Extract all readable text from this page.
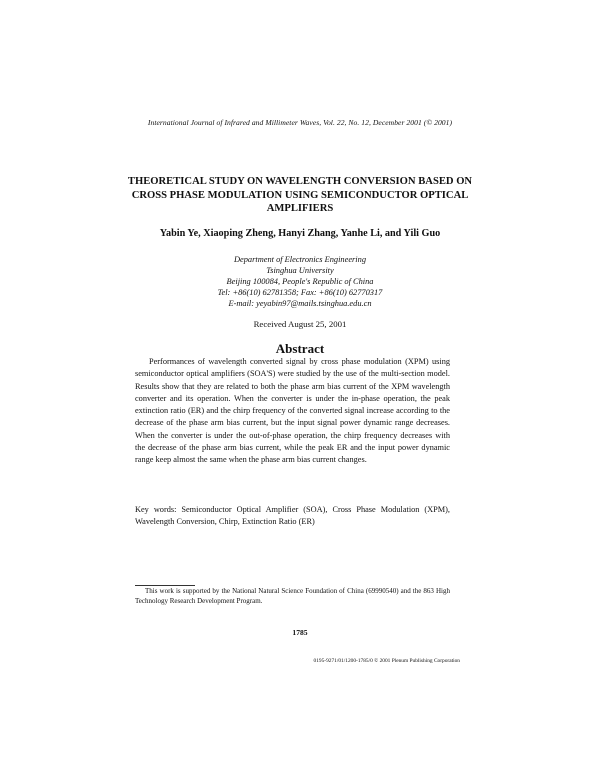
International Journal of Infrared and Millimeter Waves, Vol. 22, No. 12, December 2001 (© 2001)
THEORETICAL STUDY ON WAVELENGTH CONVERSION BASED ON CROSS PHASE MODULATION USING SEMICONDUCTOR OPTICAL AMPLIFIERS
Yabin Ye, Xiaoping Zheng, Hanyi Zhang, Yanhe Li, and Yili Guo
Department of Electronics Engineering
Tsinghua University
Beijing 100084, People's Republic of China
Tel: +86(10) 62781358; Fax: +86(10) 62770317
E-mail: yeyabin97@mails.tsinghua.edu.cn
Received August 25, 2001
Abstract

Performances of wavelength converted signal by cross phase modulation (XPM) using semiconductor optical amplifiers (SOA'S) were studied by the use of the multi-section model. Results show that they are related to both the phase arm bias current of the XPM wavelength converter and its operation. When the converter is under the in-phase operation, the peak extinction ratio (ER) and the chirp frequency of the converted signal increase according to the decrease of the phase arm bias current, but the input signal power dynamic range decreases. When the converter is under the out-of-phase operation, the chirp frequency decreases with the decrease of the phase arm bias current, while the peak ER and the input power dynamic range keep almost the same when the phase arm bias current changes.

Key words: Semiconductor Optical Amplifier (SOA), Cross Phase Modulation (XPM), Wavelength Conversion, Chirp, Extinction Ratio (ER)

This work is supported by the National Natural Science Foundation of China (69990540) and the 863 High Technology Research Development Program.

1785
0195-9271/01/1200-1785/0 © 2001 Plenum Publishing Corporation
